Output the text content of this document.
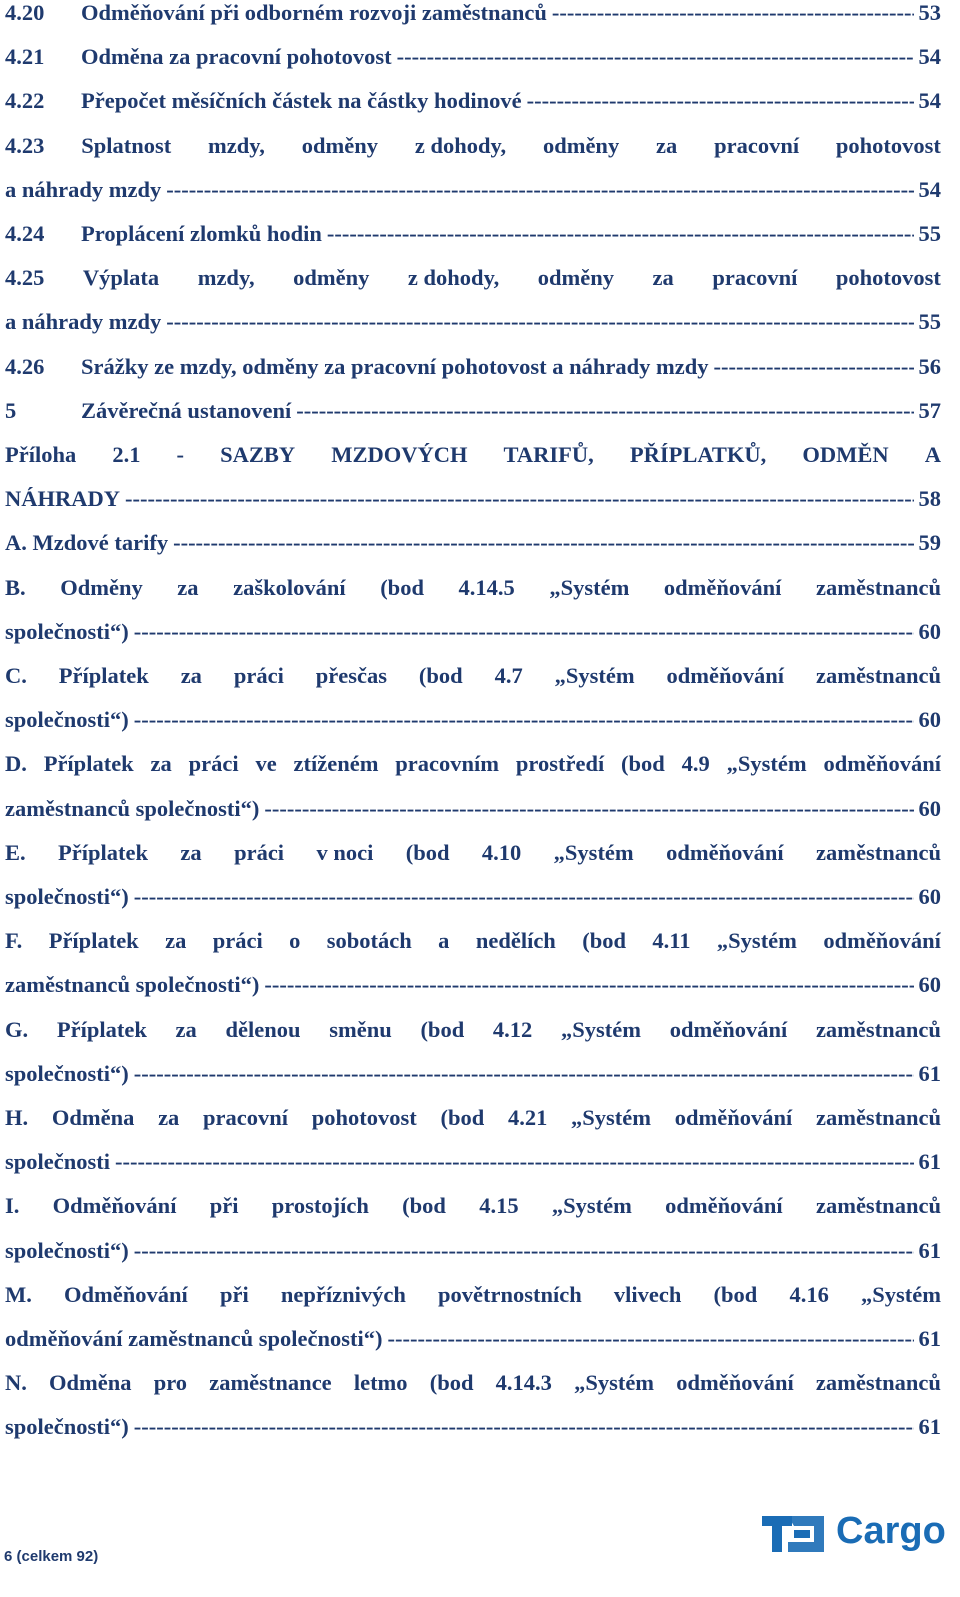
4.20 Odměňování při odborném rozvoji zaměstnanců -----	53
4.21 Odměna za pracovní pohotovost -----	54
4.22 Přepočet měsíčních částek na částky hodinové -----	54
4.23 Splatnost mzdy, odměny z dohody, odměny za pracovní pohotovost
a náhrady mzdy -----	54
4.24 Proplácení zlomků hodin -----	55
4.25 Výplata mzdy, odměny z dohody, odměny za pracovní pohotovost
a náhrady mzdy -----	55
4.26 Srážky ze mzdy, odměny za pracovní pohotovost a náhrady mzdy -----	56
5	Závěrečná ustanovení -----	57
Příloha 2.1 - SAZBY MZDOVÝCH TARIFŮ, PŘÍPLATKŮ, ODMĚN A
NÁHRADY -----	58
A. Mzdové tarify -----	59
B. Odměny za zaškolování (bod 4.14.5 „Systém odměňování zaměstnanců
společnosti“) -----	60
C. Příplatek za práci přesčas (bod 4.7 „Systém odměňování zaměstnanců
společnosti“) -----	60
D. Příplatek za práci ve ztíženém pracovním prostředí (bod 4.9 „Systém odměňování
zaměstnanců společnosti“) -----	60
E. Příplatek za práci v noci (bod 4.10 „Systém odměňování zaměstnanců
společnosti“) -----	60
F. Příplatek za práci o sobotách a nedělích (bod 4.11 „Systém odměňování
zaměstnanců společnosti“) -----	60
G. Příplatek za dělenou směnu (bod 4.12 „Systém odměňování zaměstnanců
společnosti“) -----	61
H. Odměna za pracovní pohotovost (bod 4.21 „Systém odměňování zaměstnanců
společnosti -----	61
I. Odměňování při prostojích (bod 4.15 „Systém odměňování zaměstnanců
společnosti“) -----	61
M. Odměňování při nepříznivých povětrnostních vlivech (bod 4.16 „Systém
odměňování zaměstnanců společnosti“) -----	61
N. Odměna pro zaměstnance letmo (bod 4.14.3 „Systém odměňování zaměstnanců
společnosti“) -----	61
6 (celkem 92)
Cargo
